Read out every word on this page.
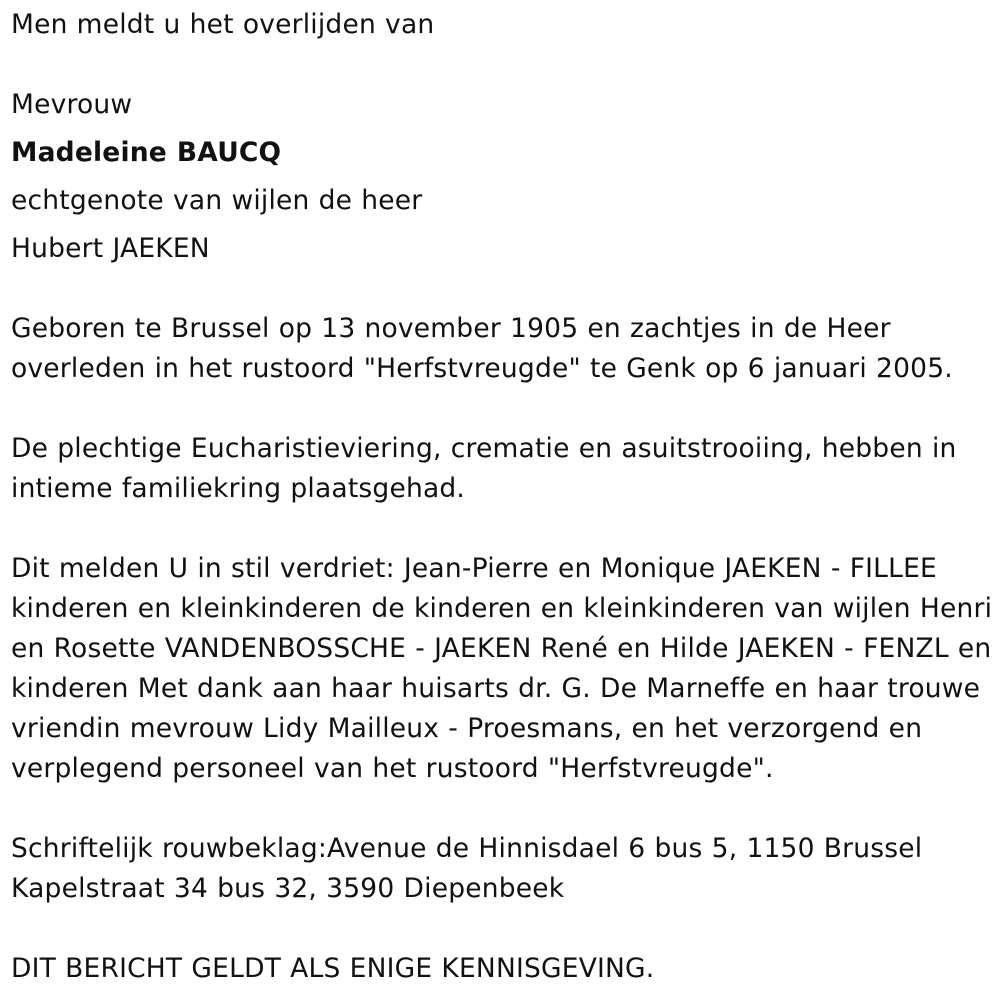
Men meldt u het overlijden van
Mevrouw
Madeleine BAUCQ
echtgenote van wijlen de heer
Hubert JAEKEN
Geboren te Brussel op 13 november 1905 en zachtjes in de Heer
overleden in het rustoord "Herfstvreugde" te Genk op 6 januari 2005.
De plechtige Eucharistieviering, crematie en asuitstrooiing, hebben in
intieme familiekring plaatsgehad.
Dit melden U in stil verdriet: Jean-Pierre en Monique JAEKEN - FILLEE
kinderen en kleinkinderen de kinderen en kleinkinderen van wijlen Henri
en Rosette VANDENBOSSCHE - JAEKEN René en Hilde JAEKEN - FENZL en
kinderen Met dank aan haar huisarts dr. G. De Marneffe en haar trouwe
vriendin mevrouw Lidy Mailleux - Proesmans, en het verzorgend en
verplegend personeel van het rustoord "Herfstvreugde".
Schriftelijk rouwbeklag:Avenue de Hinnisdael 6 bus 5, 1150 Brussel
Kapelstraat 34 bus 32, 3590 Diepenbeek
DIT BERICHT GELDT ALS ENIGE KENNISGEVING.
